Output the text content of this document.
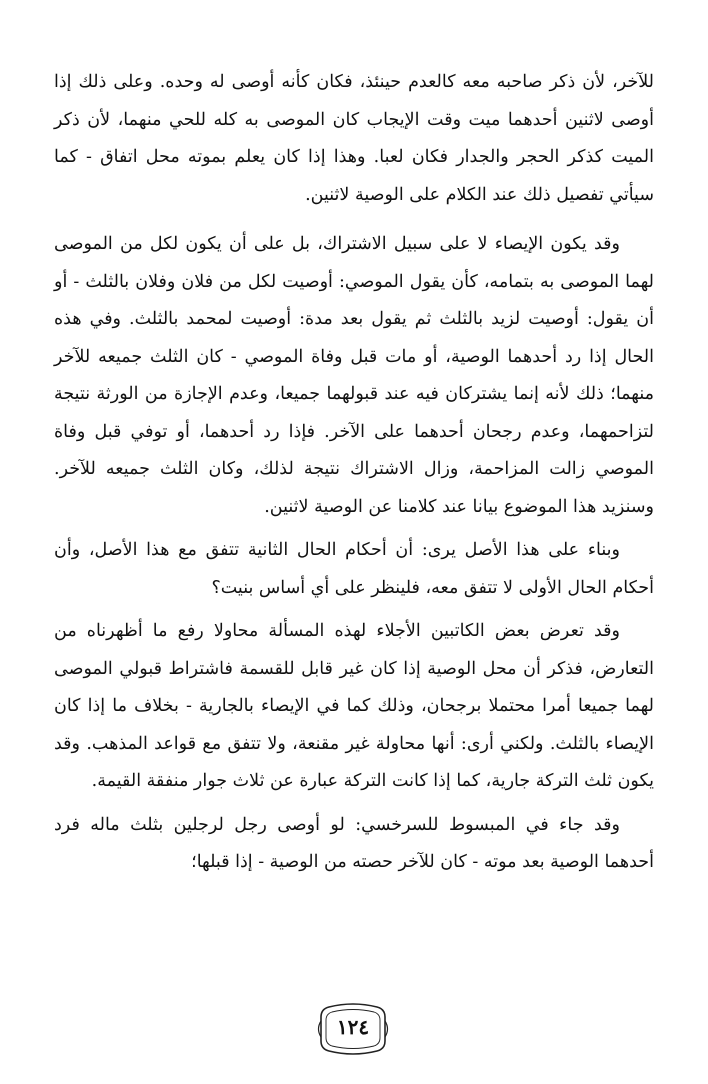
للآخر، لأن ذكر صاحبه معه كالعدم حينئذ، فكان كأنه أوصى له وحده. وعلى ذلك إذا أوصى لاثنين أحدهما ميت وقت الإيجاب كان الموصى به كله للحي منهما، لأن ذكر الميت كذكر الحجر والجدار فكان لعبا. وهذا إذا كان يعلم بموته محل اتفاق - كما سيأتي تفصيل ذلك عند الكلام على الوصية لاثنين.

وقد يكون الإيصاء لا على سبيل الاشتراك، بل على أن يكون لكل من الموصى لهما الموصى به بتمامه، كأن يقول الموصي: أوصيت لكل من فلان وفلان بالثلث - أو أن يقول: أوصيت لزيد بالثلث ثم يقول بعد مدة: أوصيت لمحمد بالثلث. وفي هذه الحال إذا رد أحدهما الوصية، أو مات قبل وفاة الموصي - كان الثلث جميعه للآخر منهما؛ ذلك لأنه إنما يشتركان فيه عند قبولهما جميعا، وعدم الإجازة من الورثة نتيجة لتزاحمهما، وعدم رجحان أحدهما على الآخر. فإذا رد أحدهما، أو توفي قبل وفاة الموصي زالت المزاحمة، وزال الاشتراك نتيجة لذلك، وكان الثلث جميعه للآخر. وسنزيد هذا الموضوع بيانا عند كلامنا عن الوصية لاثنين.

وبناء على هذا الأصل يرى: أن أحكام الحال الثانية تتفق مع هذا الأصل، وأن أحكام الحال الأولى لا تتفق معه، فلينظر على أي أساس بنيت؟

وقد تعرض بعض الكاتبين الأجلاء لهذه المسألة محاولا رفع ما أظهرناه من التعارض، فذكر أن محل الوصية إذا كان غير قابل للقسمة فاشتراط قبولي الموصى لهما جميعا أمرا محتملا برجحان، وذلك كما في الإيصاء بالجارية - بخلاف ما إذا كان الإيصاء بالثلث. ولكني أرى: أنها محاولة غير مقنعة، ولا تتفق مع قواعد المذهب. وقد يكون ثلث التركة جارية، كما إذا كانت التركة عبارة عن ثلاث جوار منفقة القيمة.

وقد جاء في المبسوط للسرخسي: لو أوصى رجل لرجلين بثلث ماله فرد أحدهما الوصية بعد موته - كان للآخر حصته من الوصية - إذا قبلها؛

١٢٤
